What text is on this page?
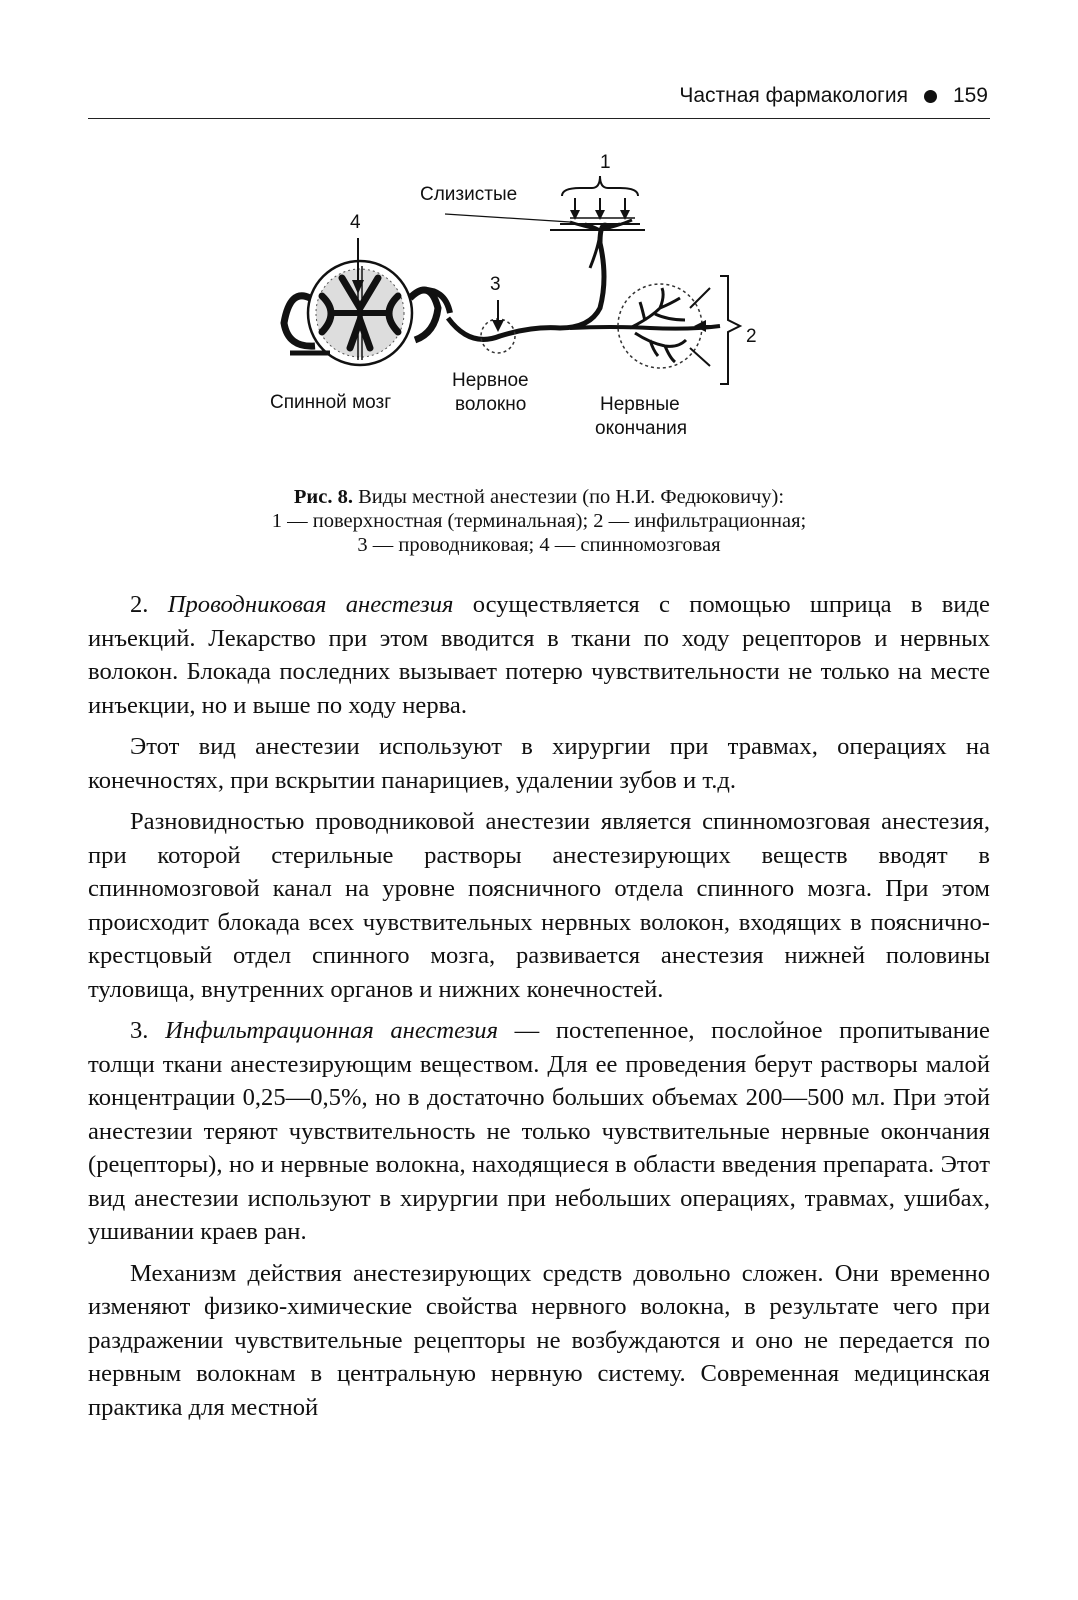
Частная фармакология 159
1
Слизистые
4
3
2
Спинной мозг
Нервное
волокно	Нервные
окончания
Рис. 8. Виды местной анестезии (по Н.И. Федюковичу):
1 — поверхностная (терминальная); 2 — инфильтрационная;
3 — проводниковая; 4 — спинномозговая

2. Проводниковая анестезия осуществляется с помощью шприца в виде инъекций. Лекарство при этом вводится в ткани по ходу рецепторов и нервных волокон. Блокада последних вызывает потерю чувствительности не только на месте инъекции, но и выше по ходу нерва.

Этот вид анестезии используют в хирургии при травмах, операциях на конечностях, при вскрытии панарициев, удалении зубов и т.д.

Разновидностью проводниковой анестезии является спинномозговая анестезия, при которой стерильные растворы анестезирующих веществ вводят в спинномозговой канал на уровне поясничного отдела спинного мозга. При этом происходит блокада всех чувствительных нервных волокон, входящих в пояснично-крестцовый отдел спинного мозга, развивается анестезия нижней половины туловища, внутренних органов и нижних конечностей.

3. Инфильтрационная анестезия — постепенное, послойное пропитывание толщи ткани анестезирующим веществом. Для ее проведения берут растворы малой концентрации 0,25—0,5%, но в достаточно больших объемах 200—500 мл. При этой анестезии теряют чувствительность не только чувствительные нервные окончания (рецепторы), но и нервные волокна, находящиеся в области введения препарата. Этот вид анестезии используют в хирургии при небольших операциях, травмах, ушибах, ушивании краев ран.

Механизм действия анестезирующих средств довольно сложен. Они временно изменяют физико-химические свойства нервного волокна, в результате чего при раздражении чувствительные рецепторы не возбуждаются и оно не передается по нервным волокнам в центральную нервную систему. Современная медицинская практика для местной
